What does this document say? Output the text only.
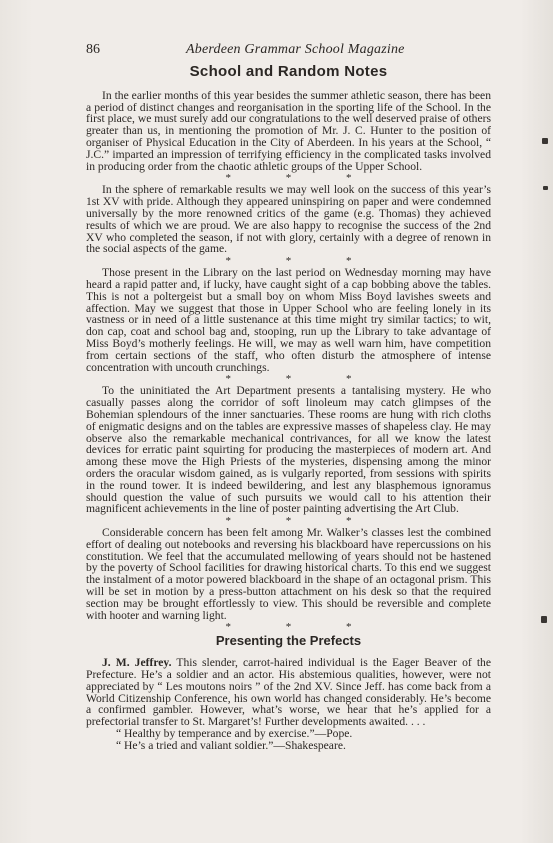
86	Aberdeen Grammar School Magazine
School and Random Notes

In the earlier months of this year besides the summer athletic season, there has been a period of distinct changes and reorganisation in the sporting life of the School. In the first place, we must surely add our congratulations to the well deserved praise of others greater than us, in mentioning the promotion of Mr. J. C. Hunter to the position of organiser of Physical Education in the City of Aberdeen. In his years at the School, “ J.C.” imparted an impression of terrifying efficiency in the complicated tasks involved in producing order from the chaotic athletic groups of the Upper School.

* * *

In the sphere of remarkable results we may well look on the success of this year’s 1st XV with pride. Although they appeared uninspiring on paper and were condemned universally by the more renowned critics of the game (e.g. Thomas) they achieved results of which we are proud. We are also happy to recognise the success of the 2nd XV who completed the season, if not with glory, certainly with a degree of renown in the social aspects of the game.

* * *

Those present in the Library on the last period on Wednesday morning may have heard a rapid patter and, if lucky, have caught sight of a cap bobbing above the tables. This is not a poltergeist but a small boy on whom Miss Boyd lavishes sweets and affection. May we suggest that those in Upper School who are feeling lonely in its vastness or in need of a little sustenance at this time might try similar tactics; to wit, don cap, coat and school bag and, stooping, run up the Library to take advantage of Miss Boyd’s motherly feelings. He will, we may as well warn him, have competition from certain sections of the staff, who often disturb the atmosphere of intense concentration with uncouth crunchings.

* * *

To the uninitiated the Art Department presents a tantalising mystery. He who casually passes along the corridor of soft linoleum may catch glimpses of the Bohemian splendours of the inner sanctuaries. These rooms are hung with rich cloths of enigmatic designs and on the tables are expressive masses of shapeless clay. He may observe also the remarkable mechanical contrivances, for all we know the latest devices for erratic paint squirting for producing the masterpieces of modern art. And among these move the High Priests of the mysteries, dispensing among the minor orders the oracular wisdom gained, as is vulgarly reported, from sessions with spirits in the round tower. It is indeed bewildering, and lest any blasphemous ignoramus should question the value of such pursuits we would call to his attention their magnificent achievements in the line of poster painting advertising the Art Club.

* * *

Considerable concern has been felt among Mr. Walker’s classes lest the combined effort of dealing out notebooks and reversing his blackboard have repercussions on his constitution. We feel that the accumulated mellowing of years should not be hastened by the poverty of School facilities for drawing historical charts. To this end we suggest the instalment of a motor powered blackboard in the shape of an octagonal prism. This will be set in motion by a press-button attachment on his desk so that the required section may be brought effortlessly to view. This should be reversible and complete with hooter and warning light.

* * *
Presenting the Prefects

J. M. Jeffrey. This slender, carrot-haired individual is the Eager Beaver of the Prefecture. He’s a soldier and an actor. His abstemious qualities, however, were not appreciated by “ Les moutons noirs ” of the 2nd XV. Since Jeff. has come back from a World Citizenship Conference, his own world has changed considerably. He’s become a confirmed gambler. However, what’s worse, we hear that he’s applied for a prefectorial transfer to St. Margaret’s! Further developments awaited. . . .

“ Healthy by temperance and by exercise.”—Pope.

“ He’s a tried and valiant soldier.”—Shakespeare.
